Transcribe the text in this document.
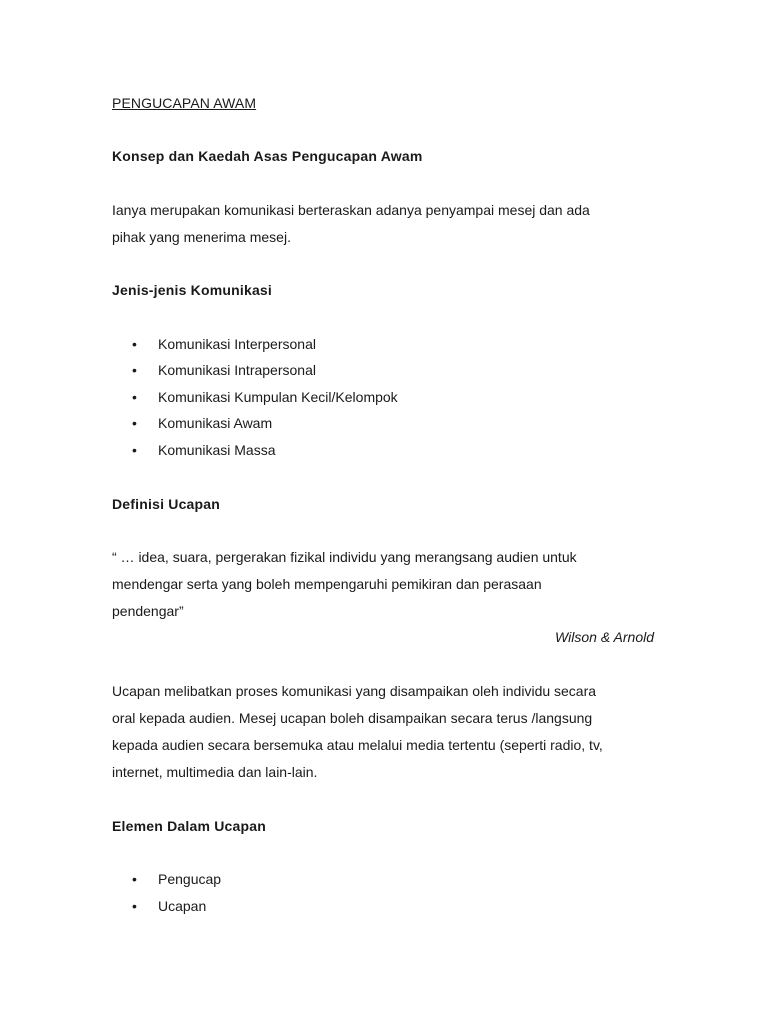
PENGUCAPAN AWAM
Konsep dan Kaedah Asas Pengucapan Awam
Ianya merupakan komunikasi berteraskan adanya penyampai mesej dan ada
pihak yang menerima mesej.
Jenis-jenis Komunikasi
• Komunikasi Interpersonal
• Komunikasi Intrapersonal
• Komunikasi Kumpulan Kecil/Kelompok
• Komunikasi Awam
• Komunikasi Massa
Definisi Ucapan
“ … idea, suara, pergerakan fizikal individu yang merangsang audien untuk
mendengar serta yang boleh mempengaruhi pemikiran dan perasaan
pendengar”
Wilson & Arnold
Ucapan melibatkan proses komunikasi yang disampaikan oleh individu secara
oral kepada audien. Mesej ucapan boleh disampaikan secara terus /langsung
kepada audien secara bersemuka atau melalui media tertentu (seperti radio, tv,
internet, multimedia dan lain-lain.
Elemen Dalam Ucapan
• Pengucap
• Ucapan
